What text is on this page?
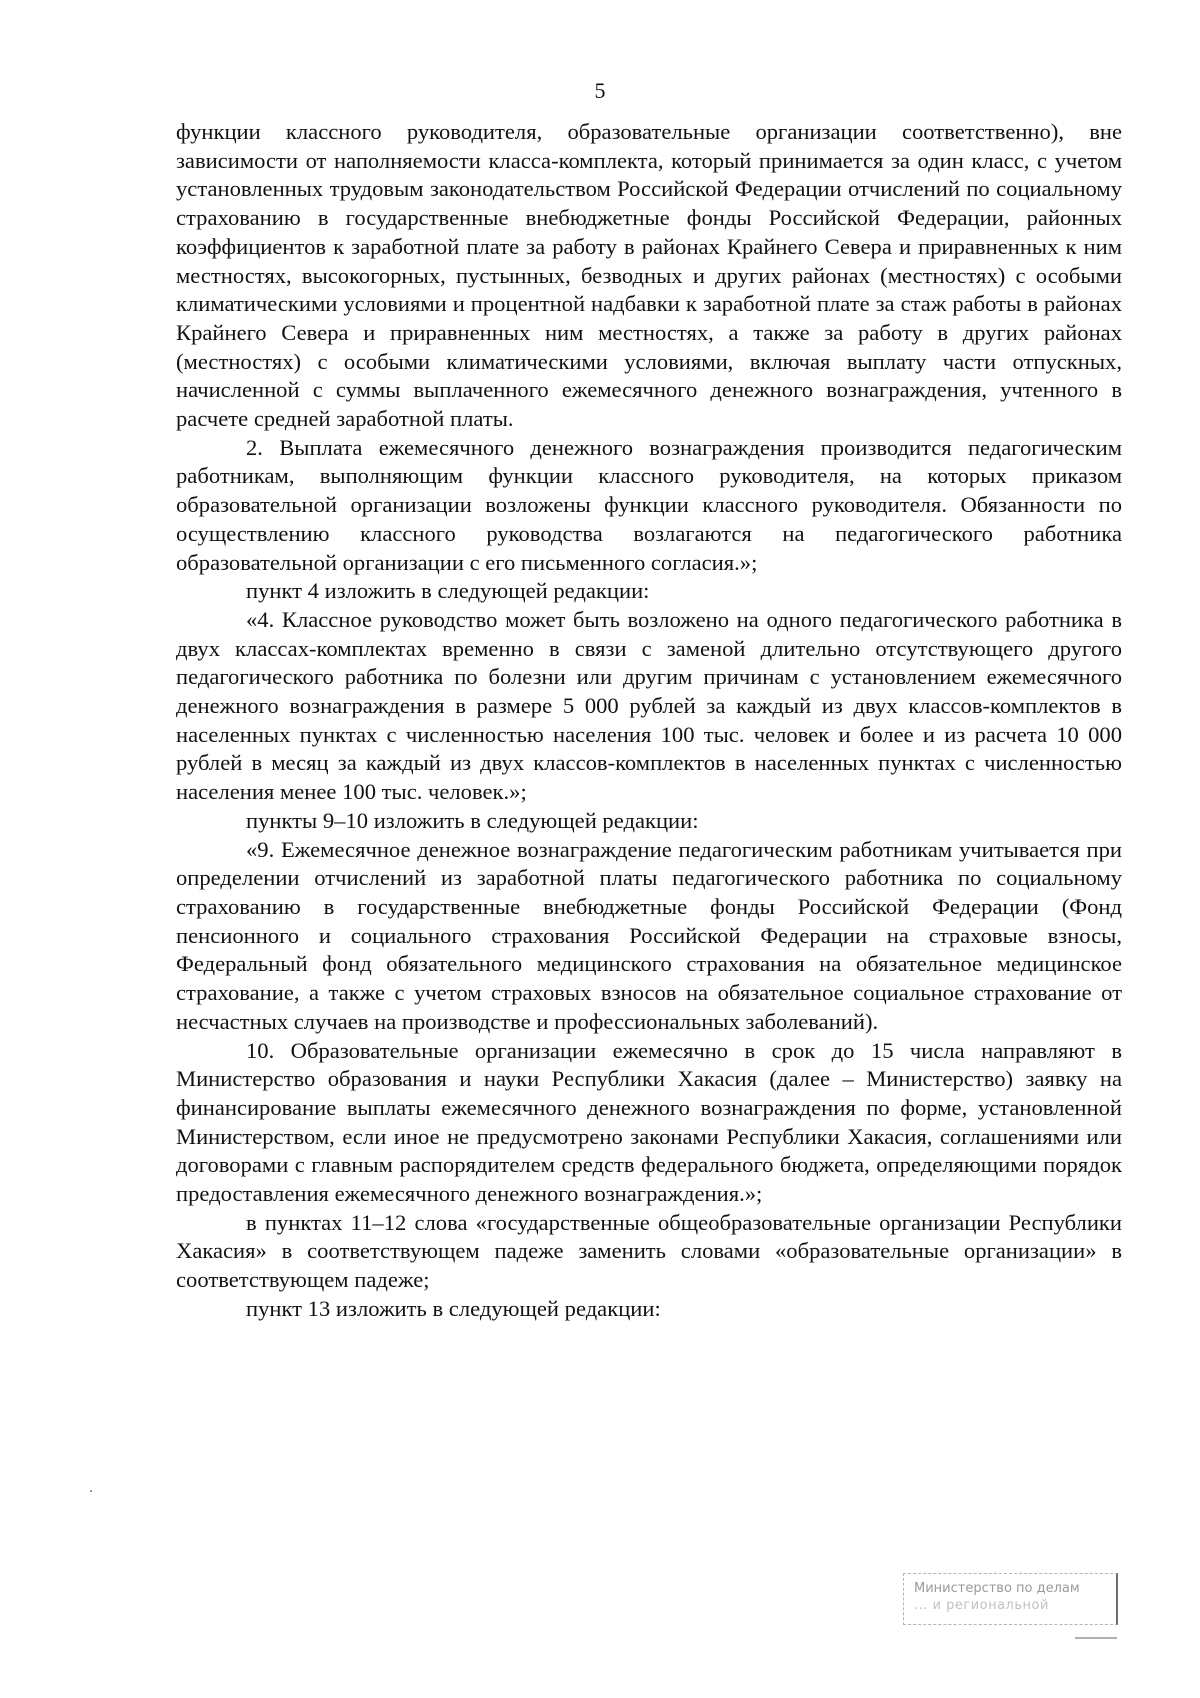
5

функции классного руководителя, образовательные организации соответственно), вне зависимости от наполняемости класса-комплекта, который принимается за один класс, с учетом установленных трудовым законодательством Российской Федерации отчислений по социальному страхованию в государственные внебюджетные фонды Российской Федерации, районных коэффициентов к заработной плате за работу в районах Крайнего Севера и приравненных к ним местностях, высокогорных, пустынных, безводных и других районах (местностях) с особыми климатическими условиями и процентной надбавки к заработной плате за стаж работы в районах Крайнего Севера и приравненных ним местностях, а также за работу в других районах (местностях) с особыми климатическими условиями, включая выплату части отпускных, начисленной с суммы выплаченного ежемесячного денежного вознаграждения, учтенного в расчете средней заработной платы.

2. Выплата ежемесячного денежного вознаграждения производится педагогическим работникам, выполняющим функции классного руководителя, на которых приказом образовательной организации возложены функции классного руководителя. Обязанности по осуществлению классного руководства возлагаются на педагогического работника образовательной организации с его письменного согласия.»;

пункт 4 изложить в следующей редакции:

«4. Классное руководство может быть возложено на одного педагогического работника в двух классах-комплектах временно в связи с заменой длительно отсутствующего другого педагогического работника по болезни или другим причинам с установлением ежемесячного денежного вознаграждения в размере 5 000 рублей за каждый из двух классов-комплектов в населенных пунктах с численностью населения 100 тыс. человек и более и из расчета 10 000 рублей в месяц за каждый из двух классов-комплектов в населенных пунктах с численностью населения менее 100 тыс. человек.»;

пункты 9–10 изложить в следующей редакции:

«9. Ежемесячное денежное вознаграждение педагогическим работникам учитывается при определении отчислений из заработной платы педагогического работника по социальному страхованию в государственные внебюджетные фонды Российской Федерации (Фонд пенсионного и социального страхования Российской Федерации на страховые взносы, Федеральный фонд обязательного медицинского страхования на обязательное медицинское страхование, а также с учетом страховых взносов на обязательное социальное страхование от несчастных случаев на производстве и профессиональных заболеваний).

10. Образовательные организации ежемесячно в срок до 15 числа направляют в Министерство образования и науки Республики Хакасия (далее – Министерство) заявку на финансирование выплаты ежемесячного денежного вознаграждения по форме, установленной Министерством, если иное не предусмотрено законами Республики Хакасия, соглашениями или договорами с главным распорядителем средств федерального бюджета, определяющими порядок предоставления ежемесячного денежного вознаграждения.»;

в пунктах 11–12 слова «государственные общеобразовательные организации Республики Хакасия» в соответствующем падеже заменить словами «образовательные организации» в соответствующем падеже;

пункт 13 изложить в следующей редакции:

Министерство по делам
... и региональной
